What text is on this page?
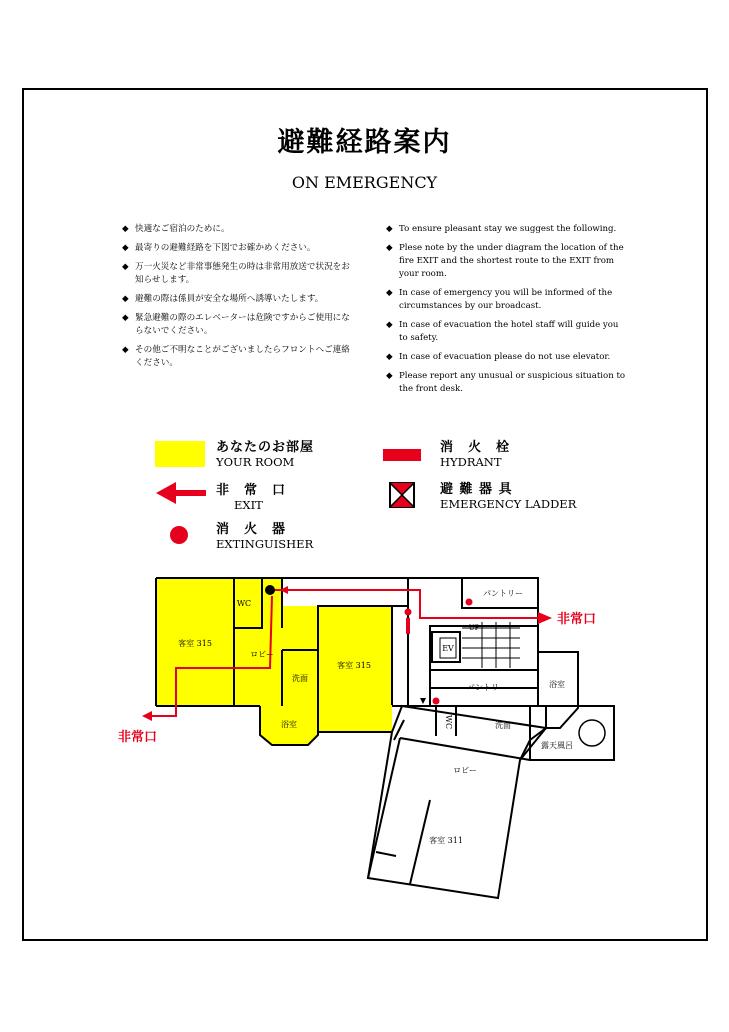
避難経路案内
ON EMERGENCY
◆ 快適なご宿泊のために。
◆ 最寄りの避難経路を下図でお確かめください。
◆ 万一火災など非常事態発生の時は非常用放送で状況をお知らせします。
◆ 避難の際は係員が安全な場所へ誘導いたします。
◆ 緊急避難の際のエレベーターは危険ですからご使用にならないでください。
◆ その他ご不明なことがございましたらフロントへご連絡ください。
◆ To ensure pleasant stay we suggest the following.
◆ Plese note by the under diagram the location of the fire EXIT and the shortest route to the EXIT from your room.
◆ In case of emergency you will be informed of the circumstances by our broadcast.
◆ In case of evacuation the hotel staff will guide you to safety.
◆ In case of evacuation please do not use elevator.
◆ Please report any unusual or suspicious situation to the front desk.
あなたのお部屋
YOUR ROOM
消　火　栓
HYDRANT
非　常　口
EXIT
避 難 器 具
EMERGENCY LADDER
消　火　器
EXTINGUISHER
客室 315
客室 315
客室 311
WC
WC
ロビー
ロビー
洗面
洗面
浴室
浴室
パントリー
パントリー
EV
UP
露天風呂
非常口
非常口
